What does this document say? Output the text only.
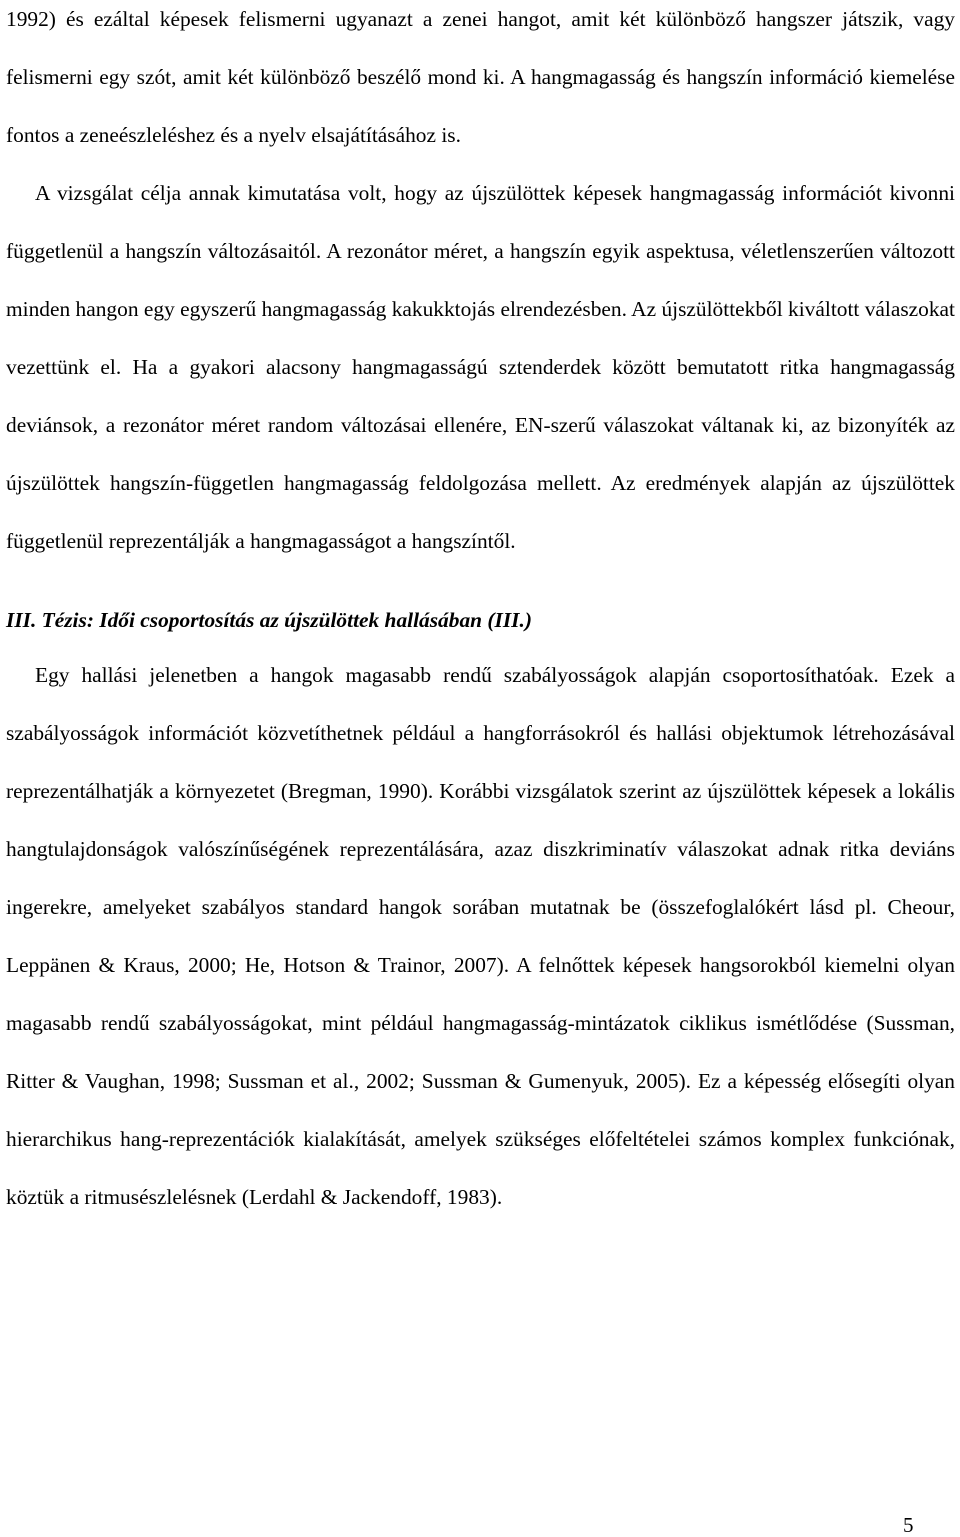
1992) és ezáltal képesek felismerni ugyanazt a zenei hangot, amit két különböző hangszer játszik, vagy felismerni egy szót, amit két különböző beszélő mond ki. A hangmagasság és hangszín információ kiemelése fontos a zeneészleléshez és a nyelv elsajátításához is.

A vizsgálat célja annak kimutatása volt, hogy az újszülöttek képesek hangmagasság információt kivonni függetlenül a hangszín változásaitól. A rezonátor méret, a hangszín egyik aspektusa, véletlenszerűen változott minden hangon egy egyszerű hangmagasság kakukktojás elrendezésben. Az újszülöttekből kiváltott válaszokat vezettünk el. Ha a gyakori alacsony hangmagasságú sztenderdek között bemutatott ritka hangmagasság deviánsok, a rezonátor méret random változásai ellenére, EN-szerű válaszokat váltanak ki, az bizonyíték az újszülöttek hangszín-független hangmagasság feldolgozása mellett. Az eredmények alapján az újszülöttek függetlenül reprezentálják a hangmagasságot a hangszíntől.

III. Tézis: Idői csoportosítás az újszülöttek hallásában (III.)

Egy hallási jelenetben a hangok magasabb rendű szabályosságok alapján csoportosíthatóak. Ezek a szabályosságok információt közvetíthetnek például a hangforrásokról és hallási objektumok létrehozásával reprezentálhatják a környezetet (Bregman, 1990). Korábbi vizsgálatok szerint az újszülöttek képesek a lokális hangtulajdonságok valószínűségének reprezentálására, azaz diszkriminatív válaszokat adnak ritka deviáns ingerekre, amelyeket szabályos standard hangok sorában mutatnak be (összefoglalókért lásd pl. Cheour, Leppänen & Kraus, 2000; He, Hotson & Trainor, 2007). A felnőttek képesek hangsorokból kiemelni olyan magasabb rendű szabályosságokat, mint például hangmagasság-mintázatok ciklikus ismétlődése (Sussman, Ritter & Vaughan, 1998; Sussman et al., 2002; Sussman & Gumenyuk, 2005). Ez a képesség elősegíti olyan hierarchikus hang-reprezentációk kialakítását, amelyek szükséges előfeltételei számos komplex funkciónak, köztük a ritmusészlelésnek (Lerdahl & Jackendoff, 1983).

5
